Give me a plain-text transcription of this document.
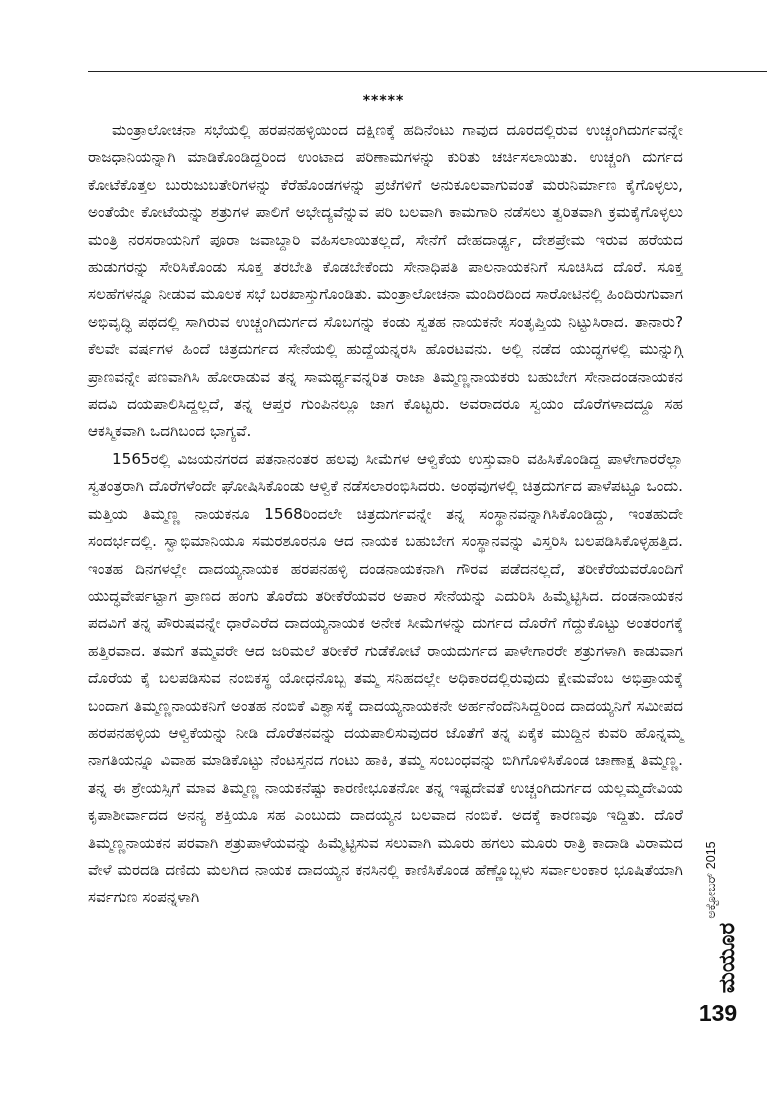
*****

ಮಂತ್ರಾಲೋಚನಾ ಸಭೆಯಲ್ಲಿ ಹರಪನಹಳ್ಳಿಯಿಂದ ದಕ್ಷಿಣಕ್ಕೆ ಹದಿನೆಂಟು ಗಾವುದ ದೂರದಲ್ಲಿರುವ ಉಚ್ಚಂಗಿದುರ್ಗವನ್ನೇ ರಾಜಧಾನಿಯನ್ನಾಗಿ ಮಾಡಿಕೊಂಡಿದ್ದರಿಂದ ಉಂಟಾದ ಪರಿಣಾಮಗಳನ್ನು ಕುರಿತು ಚರ್ಚಿಸಲಾಯಿತು. ಉಚ್ಚಂಗಿ ದುರ್ಗದ ಕೋಟೆಕೊತ್ತಲ ಬುರುಜುಬತೇರಿಗಳನ್ನು ಕೆರೆಹೊಂಡಗಳನ್ನು ಪ್ರಜೆಗಳಿಗೆ ಅನುಕೂಲವಾಗುವಂತೆ ಮರುನಿರ್ಮಾಣ ಕೈಗೊಳ್ಳಲು, ಅಂತೆಯೇ ಕೋಟೆಯನ್ನು ಶತ್ರುಗಳ ಪಾಲಿಗೆ ಅಭೇದ್ಯವೆನ್ನುವ ಪರಿ ಬಲವಾಗಿ ಕಾಮಗಾರಿ ನಡೆಸಲು ತ್ವರಿತವಾಗಿ ಕ್ರಮಕೈಗೊಳ್ಳಲು ಮಂತ್ರಿ ನರಸರಾಯನಿಗೆ ಪೂರಾ ಜವಾಬ್ದಾರಿ ವಹಿಸಲಾಯಿತಲ್ಲದೆ, ಸೇನೆಗೆ ದೇಹದಾರ್ಢ್ಯ, ದೇಶಪ್ರೇಮ ಇರುವ ಹರೆಯದ ಹುಡುಗರನ್ನು ಸೇರಿಸಿಕೊಂಡು ಸೂಕ್ತ ತರಬೇತಿ ಕೊಡಬೇಕೆಂದು ಸೇನಾಧಿಪತಿ ಪಾಲನಾಯಕನಿಗೆ ಸೂಚಿಸಿದ ದೊರೆ. ಸೂಕ್ತ ಸಲಹೆಗಳನ್ನೂ ನೀಡುವ ಮೂಲಕ ಸಭೆ ಬರಖಾಸ್ತುಗೊಂಡಿತು. ಮಂತ್ರಾಲೋಚನಾ ಮಂದಿರದಿಂದ ಸಾರೋಟಿನಲ್ಲಿ ಹಿಂದಿರುಗುವಾಗ ಅಭಿವೃದ್ಧಿ ಪಥದಲ್ಲಿ ಸಾಗಿರುವ ಉಚ್ಚಂಗಿದುರ್ಗದ ಸೊಬಗನ್ನು ಕಂಡು ಸ್ವತಹ ನಾಯಕನೇ ಸಂತೃಪ್ತಿಯ ನಿಟ್ಟುಸಿರಾದ. ತಾನಾರು? ಕೆಲವೇ ವರ್ಷಗಳ ಹಿಂದೆ ಚಿತ್ರದುರ್ಗದ ಸೇನೆಯಲ್ಲಿ ಹುದ್ದೆಯನ್ನರಸಿ ಹೊರಟವನು. ಅಲ್ಲಿ ನಡೆದ ಯುದ್ಧಗಳಲ್ಲಿ ಮುನ್ನುಗ್ಗಿ ಪ್ರಾಣವನ್ನೇ ಪಣವಾಗಿಸಿ ಹೋರಾಡುವ ತನ್ನ ಸಾಮರ್ಥ್ಯವನ್ನರಿತ ರಾಜಾ ತಿಮ್ಮಣ್ಣನಾಯಕರು ಬಹುಬೇಗ ಸೇನಾದಂಡನಾಯಕನ ಪದವಿ ದಯಪಾಲಿಸಿದ್ದಲ್ಲದೆ, ತನ್ನ ಆಪ್ತರ ಗುಂಪಿನಲ್ಲೂ ಜಾಗ ಕೊಟ್ಟರು. ಅವರಾದರೂ ಸ್ವಯಂ ದೊರೆಗಳಾದದ್ದೂ ಸಹ ಆಕಸ್ಮಿಕವಾಗಿ ಒದಗಿಬಂದ ಭಾಗ್ಯವೆ.

1565ರಲ್ಲಿ ವಿಜಯನಗರದ ಪತನಾನಂತರ ಹಲವು ಸೀಮೆಗಳ ಆಳ್ವಿಕೆಯ ಉಸ್ತುವಾರಿ ವಹಿಸಿಕೊಂಡಿದ್ದ ಪಾಳೇಗಾರರೆಲ್ಲಾ ಸ್ವತಂತ್ರರಾಗಿ ದೊರೆಗಳೆಂದೇ ಘೋಷಿಸಿಕೊಂಡು ಆಳ್ವಿಕೆ ನಡೆಸಲಾರಂಭಿಸಿದರು. ಅಂಥವುಗಳಲ್ಲಿ ಚಿತ್ರದುರ್ಗದ ಪಾಳೆಪಟ್ಟೂ ಒಂದು. ಮತ್ತಿಯ ತಿಮ್ಮಣ್ಣ ನಾಯಕನೂ 1568ರಿಂದಲೇ ಚಿತ್ರದುರ್ಗವನ್ನೇ ತನ್ನ ಸಂಸ್ಥಾನವನ್ನಾಗಿಸಿಕೊಂಡಿದ್ದು, ಇಂತಹುದೇ ಸಂದರ್ಭದಲ್ಲಿ. ಸ್ವಾಭಿಮಾನಿಯೂ ಸಮರಶೂರನೂ ಆದ ನಾಯಕ ಬಹುಬೇಗ ಸಂಸ್ಥಾನವನ್ನು ವಿಸ್ತರಿಸಿ ಬಲಪಡಿಸಿಕೊಳ್ಳಹತ್ತಿದ. ಇಂತಹ ದಿನಗಳಲ್ಲೇ ದಾದಯ್ಯನಾಯಕ ಹರಪನಹಳ್ಳಿ ದಂಡನಾಯಕನಾಗಿ ಗೌರವ ಪಡೆದನಲ್ಲದೆ, ತರೀಕೆರೆಯವರೊಂದಿಗೆ ಯುದ್ಧವೇರ್ಪಟ್ಟಾಗ ಪ್ರಾಣದ ಹಂಗು ತೊರೆದು ತರೀಕೆರೆಯವರ ಅಪಾರ ಸೇನೆಯನ್ನು ಎದುರಿಸಿ ಹಿಮ್ಮೆಟ್ಟಿಸಿದ. ದಂಡನಾಯಕನ ಪದವಿಗೆ ತನ್ನ ಪೌರುಷವನ್ನೇ ಧಾರೆಎರೆದ ದಾದಯ್ಯನಾಯಕ ಅನೇಕ ಸೀಮೆಗಳನ್ನು ದುರ್ಗದ ದೊರೆಗೆ ಗೆದ್ದುಕೊಟ್ಟು ಅಂತರಂಗಕ್ಕೆ ಹತ್ತಿರವಾದ. ತಮಗೆ ತಮ್ಮವರೇ ಆದ ಜರಿಮಲೆ ತರೀಕೆರೆ ಗುಡೆಕೋಟೆ ರಾಯದುರ್ಗದ ಪಾಳೇಗಾರರೇ ಶತ್ರುಗಳಾಗಿ ಕಾಡುವಾಗ ದೊರೆಯ ಕೈ ಬಲಪಡಿಸುವ ನಂಬಿಕಸ್ಥ ಯೋಧನೊಬ್ಬ ತಮ್ಮ ಸನಿಹದಲ್ಲೇ ಅಧಿಕಾರದಲ್ಲಿರುವುದು ಕ್ಷೇಮವೆಂಬ ಅಭಿಪ್ರಾಯಕ್ಕೆ ಬಂದಾಗ ತಿಮ್ಮಣ್ಣನಾಯಕನಿಗೆ ಅಂತಹ ನಂಬಿಕೆ ವಿಶ್ವಾಸಕ್ಕೆ ದಾದಯ್ಯನಾಯಕನೇ ಅರ್ಹನೆಂದೆನಿಸಿದ್ದರಿಂದ ದಾದಯ್ಯನಿಗೆ ಸಮೀಪದ ಹರಪನಹಳ್ಳಿಯ ಆಳ್ವಿಕೆಯನ್ನು ನೀಡಿ ದೊರೆತನವನ್ನು ದಯಪಾಲಿಸುವುದರ ಜೊತೆಗೆ ತನ್ನ ಏಕೈಕ ಮುದ್ದಿನ ಕುವರಿ ಹೊನ್ನಮ್ಮ ನಾಗತಿಯನ್ನೂ ವಿವಾಹ ಮಾಡಿಕೊಟ್ಟು ನೆಂಟಸ್ತನದ ಗಂಟು ಹಾಕಿ, ತಮ್ಮ ಸಂಬಂಧವನ್ನು ಬಿಗಿಗೊಳಿಸಿಕೊಂಡ ಚಾಣಾಕ್ಷ ತಿಮ್ಮಣ್ಣ. ತನ್ನ ಈ ಶ್ರೇಯಸ್ಸಿಗೆ ಮಾವ ತಿಮ್ಮಣ್ಣ ನಾಯಕನೆಷ್ಟು ಕಾರಣೀಭೂತನೋ ತನ್ನ ಇಷ್ಟದೇವತೆ ಉಚ್ಚಂಗಿದುರ್ಗದ ಯಲ್ಲಮ್ಮದೇವಿಯ ಕೃಪಾಶೀರ್ವಾದದ ಅನನ್ಯ ಶಕ್ತಿಯೂ ಸಹ ಎಂಬುದು ದಾದಯ್ಯನ ಬಲವಾದ ನಂಬಿಕೆ. ಅದಕ್ಕೆ ಕಾರಣವೂ ಇದ್ದಿತು. ದೊರೆ ತಿಮ್ಮಣ್ಣನಾಯಕನ ಪರವಾಗಿ ಶತ್ರುಪಾಳೆಯವನ್ನು ಹಿಮ್ಮೆಟ್ಟಿಸುವ ಸಲುವಾಗಿ ಮೂರು ಹಗಲು ಮೂರು ರಾತ್ರಿ ಕಾದಾಡಿ ವಿರಾಮದ ವೇಳೆ ಮರದಡಿ ದಣಿದು ಮಲಗಿದ ನಾಯಕ ದಾದಯ್ಯನ ಕನಸಿನಲ್ಲಿ ಕಾಣಿಸಿಕೊಂಡ ಹೆಣ್ಣೊಬ್ಬಳು ಸರ್ವಾಲಂಕಾರ ಭೂಷಿತೆಯಾಗಿ ಸರ್ವಗುಣ ಸಂಪನ್ನಳಾಗಿ	ಅಕ್ಟೋಬರ್ 2015
ಮಯೂರ
139
